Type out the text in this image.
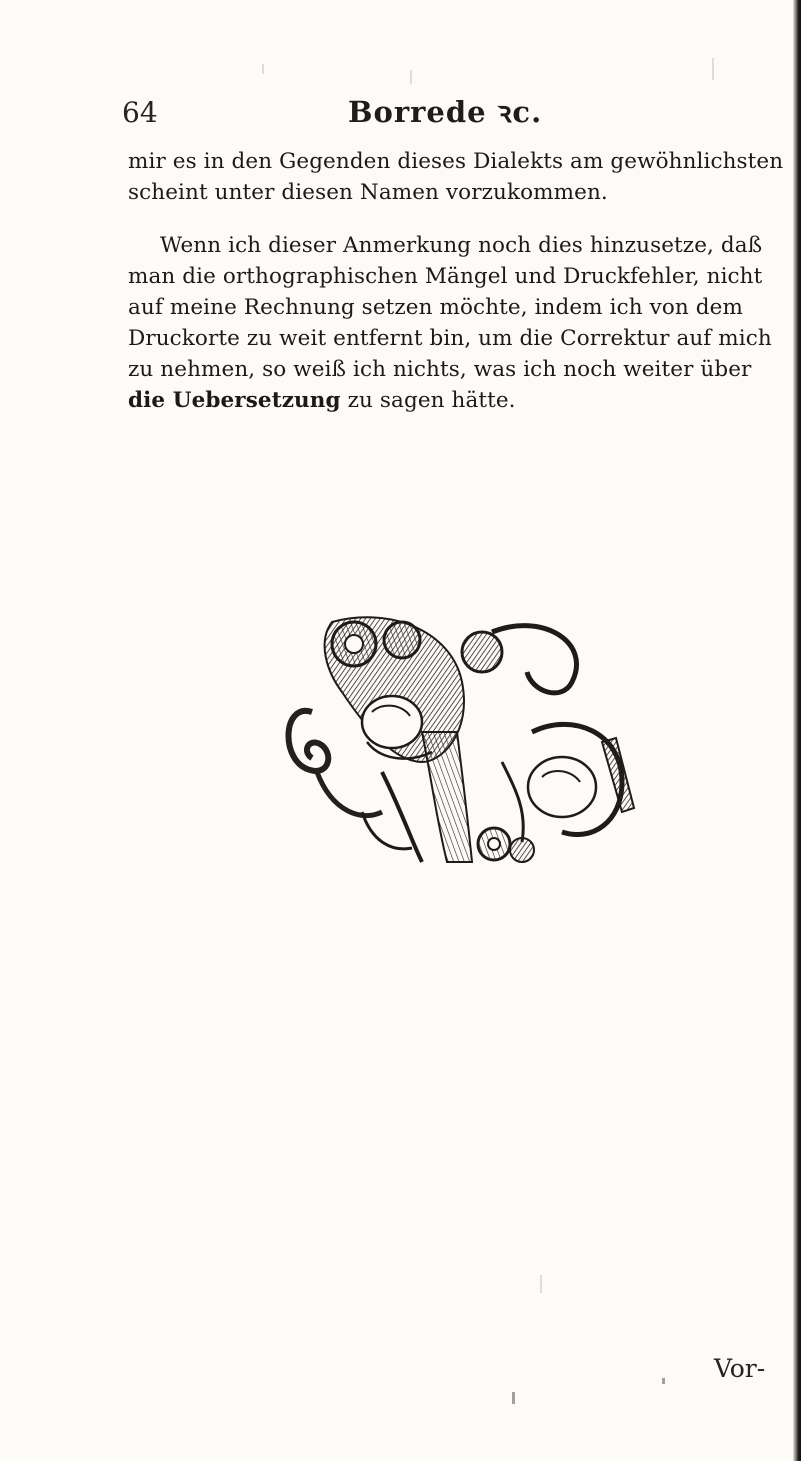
64	Borrede ꝛc.
mir es in den Gegenden dieses Dialekts am gewöhnlichsten
scheint unter diesen Namen vorzukommen.
Wenn ich dieser Anmerkung noch dies hinzusetze, daß
man die orthographischen Mängel und Druckfehler, nicht
auf meine Rechnung setzen möchte, indem ich von dem
Druckorte zu weit entfernt bin, um die Correktur auf mich
zu nehmen, so weiß ich nichts, was ich noch weiter über
die Uebersetzung zu sagen hätte.
Vor-
